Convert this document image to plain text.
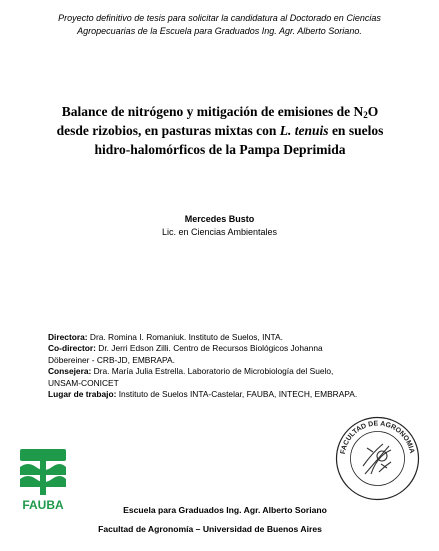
Proyecto definitivo de tesis para solicitar la candidatura al Doctorado en Ciencias
Agropecuarias de la Escuela para Graduados Ing. Agr. Alberto Soriano.
Balance de nitrógeno y mitigación de emisiones de $N_2O$
desde rizobios, en pasturas mixtas con L. tenuis en suelos
hidro-halomórficos de la Pampa Deprimida
Mercedes Busto
Lic. en Ciencias Ambientales

Directora: Dra. Romina I. Romaniuk. Instituto de Suelos, INTA.

Co-director: Dr. Jerri Edson Zilli. Centro de Recursos Biológicos Johanna

Döbereiner - CRB-JD, EMBRAPA.

Consejera: Dra. María Julia Estrella. Laboratorio de Microbiología del Suelo,

UNSAM-CONICET

Lugar de trabajo: Instituto de Suelos INTA-Castelar, FAUBA, INTECH, EMBRAPA.

FAUBA
FACULTAD DE AGRONOMIA
Escuela para Graduados Ing. Agr. Alberto Soriano
Facultad de Agronomía – Universidad de Buenos Aires
